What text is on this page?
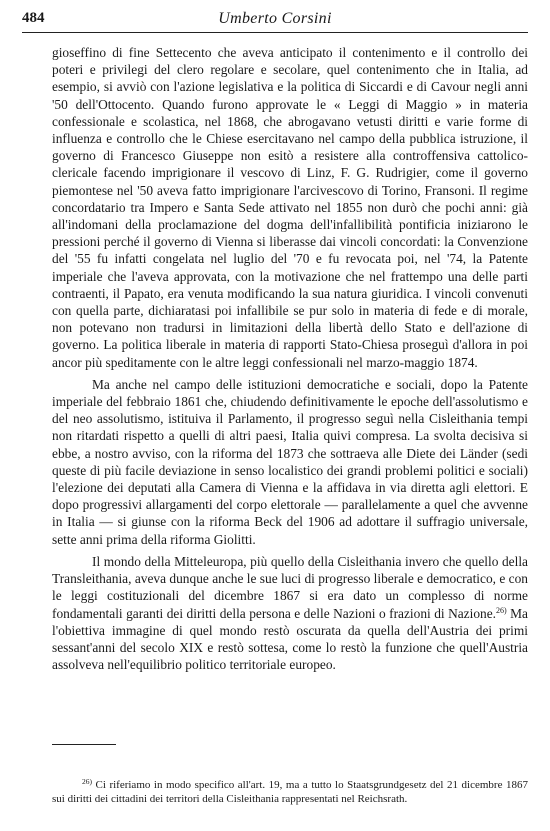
484	Umberto Corsini

gioseffino di fine Settecento che aveva anticipato il contenimento e il controllo dei poteri e privilegi del clero regolare e secolare, quel contenimento che in Italia, ad esempio, si avviò con l'azione legislativa e la politica di Siccardi e di Cavour negli anni '50 dell'Ottocento. Quando furono approvate le « Leggi di Maggio » in materia confessionale e scolastica, nel 1868, che abrogavano vetusti diritti e varie forme di influenza e controllo che le Chiese esercitavano nel campo della pubblica istruzione, il governo di Francesco Giuseppe non esitò a resistere alla controffensiva cattolico-clericale facendo imprigionare il vescovo di Linz, F. G. Rudrigier, come il governo piemontese nel '50 aveva fatto imprigionare l'arcivescovo di Torino, Fransoni. Il regime concordatario tra Impero e Santa Sede attivato nel 1855 non durò che pochi anni: già all'indomani della proclamazione del dogma dell'infallibilità pontificia iniziarono le pressioni perché il governo di Vienna si liberasse dai vincoli concordati: la Convenzione del '55 fu infatti congelata nel luglio del '70 e fu revocata poi, nel '74, la Patente imperiale che l'aveva approvata, con la motivazione che nel frattempo una delle parti contraenti, il Papato, era venuta modificando la sua natura giuridica. I vincoli convenuti con quella parte, dichiaratasi poi infallibile se pur solo in materia di fede e di morale, non potevano non tradursi in limitazioni della libertà dello Stato e dell'azione di governo. La politica liberale in materia di rapporti Stato-Chiesa proseguì d'allora in poi ancor più speditamente con le altre leggi confessionali nel marzo-maggio 1874.

Ma anche nel campo delle istituzioni democratiche e sociali, dopo la Patente imperiale del febbraio 1861 che, chiudendo definitivamente le epoche dell'assolutismo e del neo assolutismo, istituiva il Parlamento, il progresso seguì nella Cisleithania tempi non ritardati rispetto a quelli di altri paesi, Italia quivi compresa. La svolta decisiva si ebbe, a nostro avviso, con la riforma del 1873 che sottraeva alle Diete dei Länder (sedi queste di più facile deviazione in senso localistico dei grandi problemi politici e sociali) l'elezione dei deputati alla Camera di Vienna e la affidava in via diretta agli elettori. E dopo progressivi allargamenti del corpo elettorale — parallelamente a quel che avvenne in Italia — si giunse con la riforma Beck del 1906 ad adottare il suffragio universale, sette anni prima della riforma Giolitti.

Il mondo della Mitteleuropa, più quello della Cisleithania invero che quello della Transleithania, aveva dunque anche le sue luci di progresso liberale e democratico, e con le leggi costituzionali del dicembre 1867 si era dato un complesso di norme fondamentali garanti dei diritti della persona e delle Nazioni o frazioni di Nazione.$^{26)}$ Ma l'obiettiva immagine di quel mondo restò oscurata da quella dell'Austria dei primi sessant'anni del secolo XIX e restò sottesa, come lo restò la funzione che quell'Austria assolveva nell'equilibrio politico territoriale europeo.

$^{26)}$ Ci riferiamo in modo specifico all'art. 19, ma a tutto lo Staatsgrundgesetz del 21 dicembre 1867 sui diritti dei cittadini dei territori della Cisleithania rappresentati nel Reichsrath.
